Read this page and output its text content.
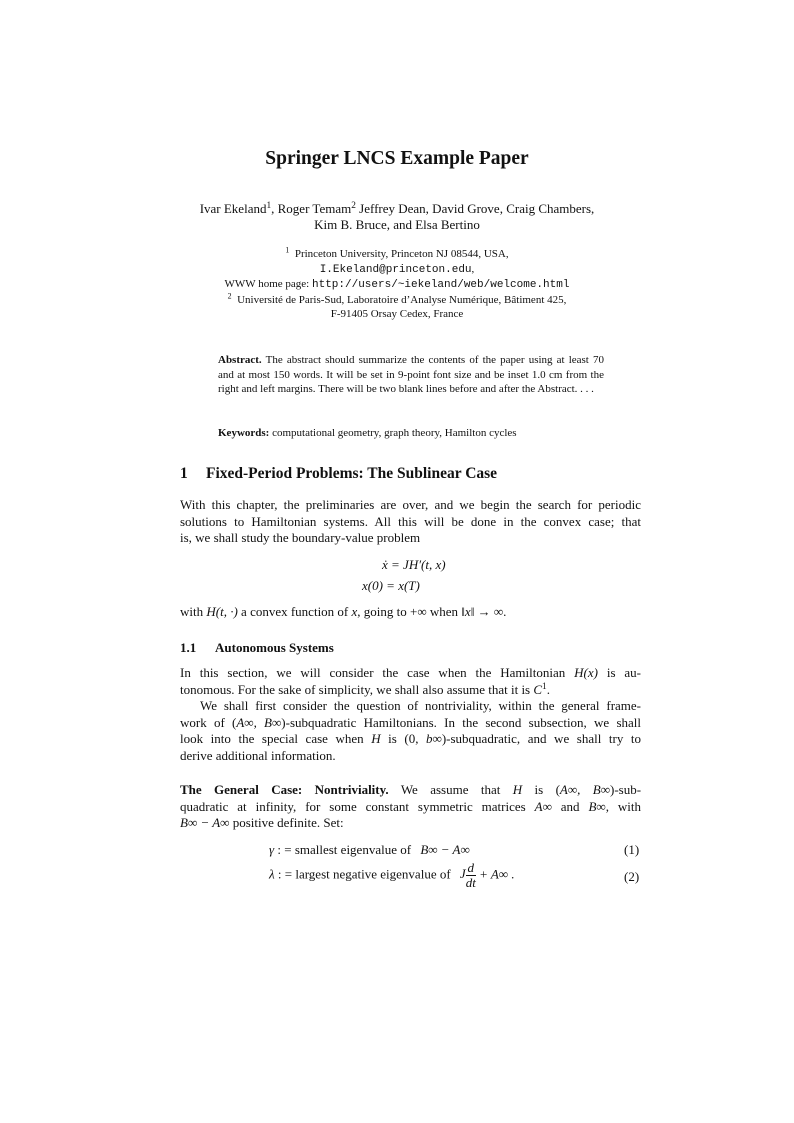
Springer LNCS Example Paper
Ivar Ekeland$^1$, Roger Temam$^2$ Jeffrey Dean, David Grove, Craig Chambers,
Kim B. Bruce, and Elsa Bertino
$^1$ Princeton University, Princeton NJ 08544, USA,
I.Ekeland@princeton.edu,
WWW home page: http://users/~iekeland/web/welcome.html
$^2$ Université de Paris-Sud, Laboratoire d’Analyse Numérique, Bâtiment 425,
F-91405 Orsay Cedex, France
Abstract. The abstract should summarize the contents of the paper using at least 70 and at most 150 words. It will be set in 9-point font size and be inset 1.0 cm from the right and left margins. There will be two blank lines before and after the Abstract. . . .
Keywords: computational geometry, graph theory, Hamilton cycles
1 Fixed-Period Problems: The Sublinear Case
With this chapter, the preliminaries are over, and we begin the search for periodic
solutions to Hamiltonian systems. All this will be done in the convex case; that
is, we shall study the boundary-value problem
ẋ = JH′(t, x)
x(0) = x(T)
with H(t, ·) a convex function of x, going to +∞ when ‖x‖ → ∞.
1.1 Autonomous Systems
In this section, we will consider the case when the Hamiltonian H(x) is au-
tonomous. For the sake of simplicity, we shall also assume that it is $C^1$.
We shall first consider the question of nontriviality, within the general frame-
work of (A∞, B∞)-subquadratic Hamiltonians. In the second subsection, we shall
look into the special case when H is (0, b∞)-subquadratic, and we shall try to
derive additional information.
The General Case: Nontriviality. We assume that H is (A∞, B∞)-sub-
quadratic at infinity, for some constant symmetric matrices A∞ and B∞, with
B∞ − A∞ positive definite. Set:
γ : = smallest eigenvalue of B∞ − A∞	(1)
λ : = largest negative eigenvalue of J $\frac{d}{dt} + A\infty$ .	(2)
